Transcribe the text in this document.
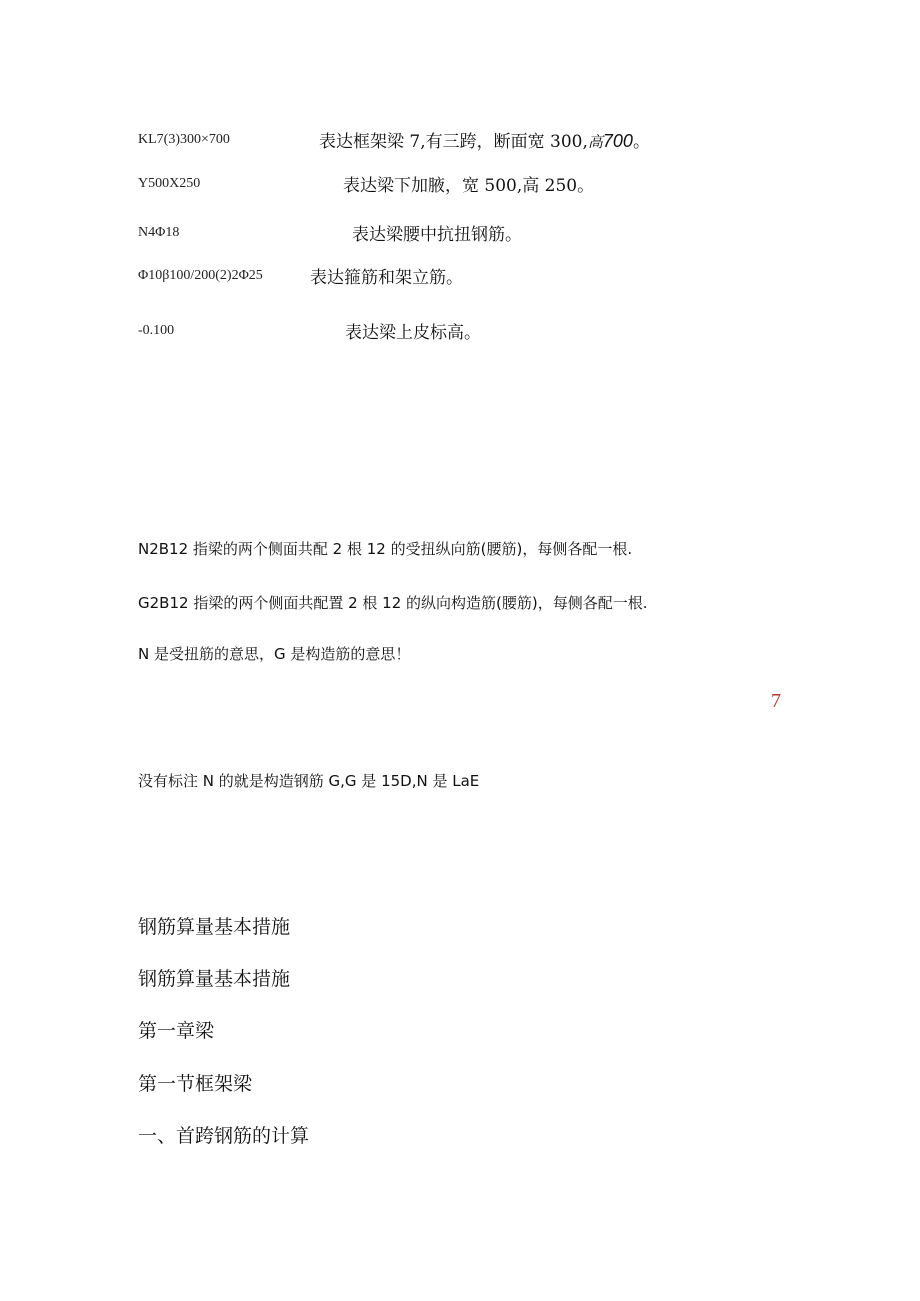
KL7(3)300×700	表达框架梁 7,有三跨，断面宽 300,高700。
Y500X250	表达梁下加腋，宽 500,高 250。
N4Φ18	表达梁腰中抗扭钢筋。
Φ10β100/200(2)2Φ25	表达箍筋和架立筋。
-0.100	表达梁上皮标高。
N2B12 指梁的两个侧面共配 2 根 12 的受扭纵向筋(腰筋)，每侧各配一根.
G2B12 指梁的两个侧面共配置 2 根 12 的纵向构造筋(腰筋)，每侧各配一根.
N 是受扭筋的意思，G 是构造筋的意思！
7
没有标注 N 的就是构造钢筋 G,G 是 15D,N 是 LaE
钢筋算量基本措施
钢筋算量基本措施
第一章梁
第一节框架梁
一、首跨钢筋的计算
